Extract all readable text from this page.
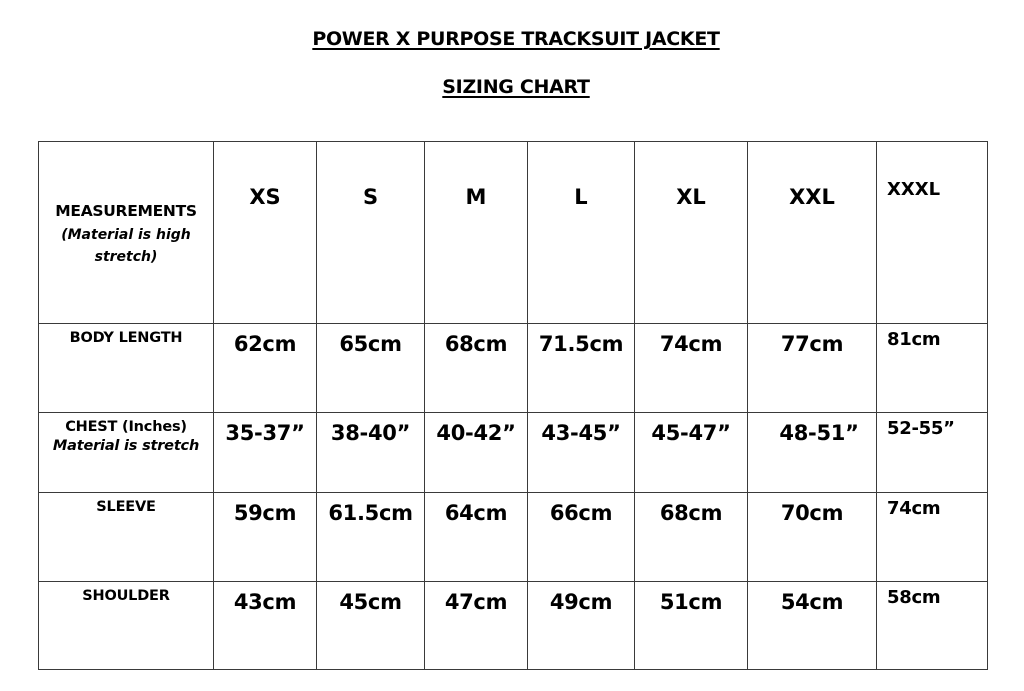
POWER X PURPOSE TRACKSUIT JACKET
SIZING CHART
MEASUREMENTS
(Material is high stretch)	XS	S	M	L	XL	XXL	XXXL

BODY LENGTH	62cm	65cm	68cm	71.5cm	74cm	77cm	81cm

CHEST (Inches)
Material is stretch	35-37”	38-40”	40-42”	43-45”	45-47”	48-51”	52-55”

SLEEVE	59cm	61.5cm	64cm	66cm	68cm	70cm	74cm

SHOULDER	43cm	45cm	47cm	49cm	51cm	54cm	58cm
